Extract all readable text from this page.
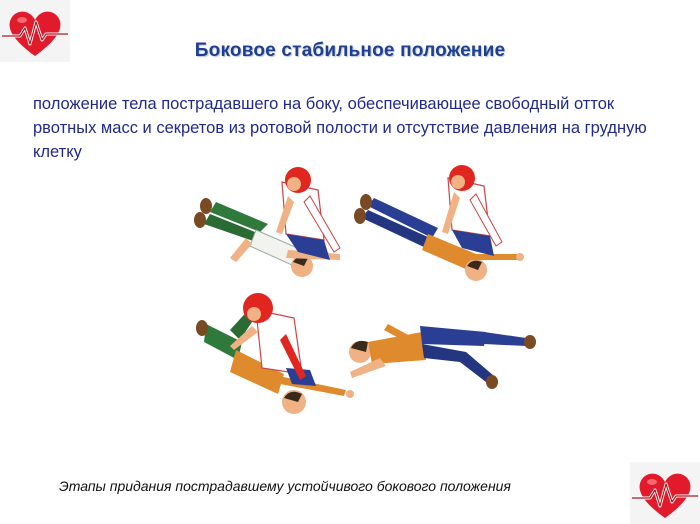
Боковое стабильное положение
положение тела пострадавшего на боку, обеспечивающее свободный отток рвотных масс и секретов из ротовой полости и отсутствие давления на грудную клетку
Этапы придания пострадавшему устойчивого бокового положения
